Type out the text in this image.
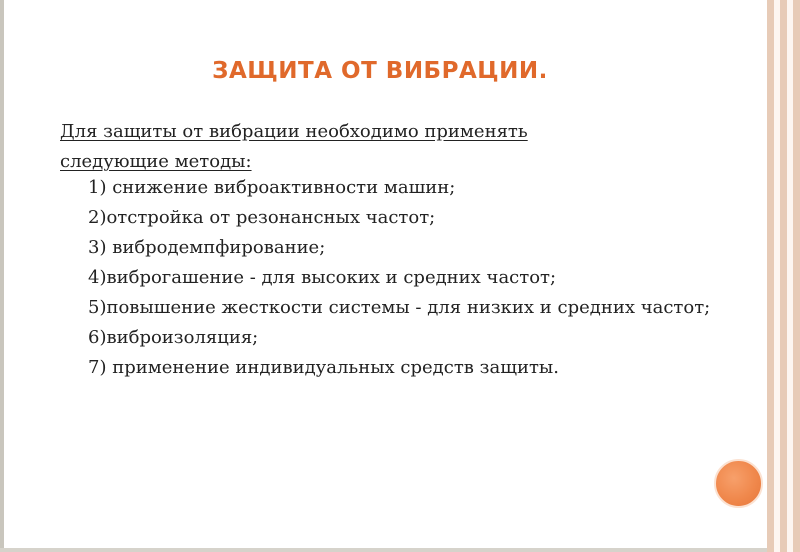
ЗАЩИТА ОТ ВИБРАЦИИ.
Для защиты от вибрации необходимо применять
следующие методы:
1) снижение виброактивности машин;
2)отстройка от резонансных частот;
3) вибродемпфирование;
4)виброгашение - для высоких и средних частот;
5)повышение жесткости системы - для низких и средних частот;
6)виброизоляция;
7) применение индивидуальных средств защиты.
